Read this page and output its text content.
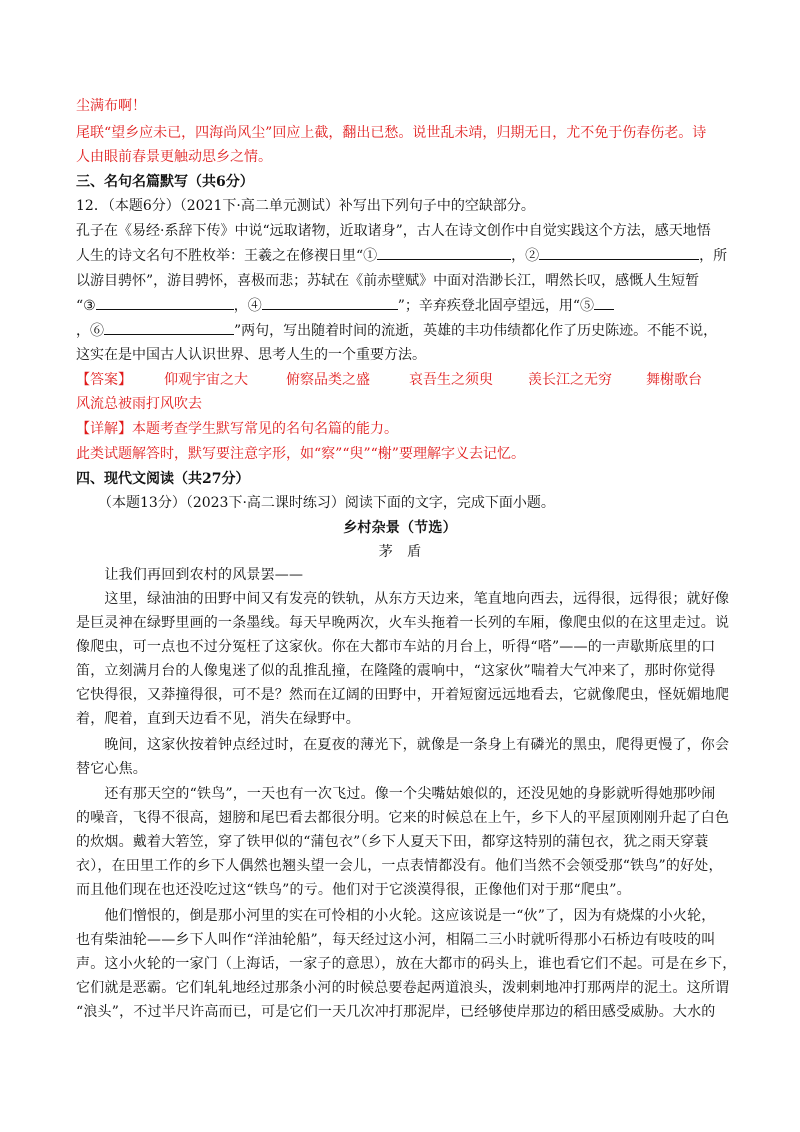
尘满布啊！
尾联“望乡应未已，四海尚风尘”回应上截，翻出已愁。说世乱未靖，归期无日，尤不免于伤春伤老。诗
人由眼前春景更触动思乡之情。
三、名句名篇默写（共6分）
12．（本题6分）（2021下·高二单元测试）补写出下列句子中的空缺部分。
孔子在《易经·系辞下传》中说“远取诸物，近取诸身”，古人在诗文创作中自觉实践这个方法，感天地悟
人生的诗文名句不胜枚举：王羲之在修禊日里“①	，②	，所
以游目骋怀”，游目骋怀，喜极而悲；苏轼在《前赤壁赋》中面对浩渺长江，喟然长叹，感慨人生短暂
“③	，④	”；辛弃疾登北固亭望远，用“⑤
，⑥	”两句，写出随着时间的流逝，英雄的丰功伟绩都化作了历史陈迹。不能不说，
这实在是中国古人认识世界、思考人生的一个重要方法。
【答案】 仰观宇宙之大	俯察品类之盛	哀吾生之须臾	羡长江之无穷 舞榭歌台
风流总被雨打风吹去
【详解】本题考查学生默写常见的名句名篇的能力。
此类试题解答时，默写要注意字形，如“察”“臾”“榭”要理解字义去记忆。
四、现代文阅读（共27分）
（本题13分）（2023下·高二课时练习）阅读下面的文字，完成下面小题。
乡村杂景（节选）
茅　盾
　　让我们再回到农村的风景罢——
　　这里，绿油油的田野中间又有发亮的铁轨，从东方天边来，笔直地向西去，远得很，远得很；就好像
是巨灵神在绿野里画的一条墨线。每天早晚两次，火车头拖着一长列的车厢，像爬虫似的在这里走过。说
像爬虫，可一点也不过分冤枉了这家伙。你在大都市车站的月台上，听得“嗒”——的一声歇斯底里的口
笛，立刻满月台的人像鬼迷了似的乱推乱撞，在隆隆的震响中，“这家伙”喘着大气冲来了，那时你觉得
它快得很，又莽撞得很，可不是？然而在辽阔的田野中，开着短窗远远地看去，它就像爬虫，怪妩媚地爬
着，爬着，直到天边看不见，消失在绿野中。
　　晚间，这家伙按着钟点经过时，在夏夜的薄光下，就像是一条身上有磷光的黑虫，爬得更慢了，你会
替它心焦。
　　还有那天空的“铁鸟”，一天也有一次飞过。像一个尖嘴姑娘似的，还没见她的身影就听得她那吵闹
的噪音，飞得不很高，翅膀和尾巴看去都很分明。它来的时候总在上午，乡下人的平屋顶刚刚升起了白色
的炊烟。戴着大箬笠，穿了铁甲似的“蒲包衣”（乡下人夏天下田，都穿这特别的蒲包衣，犹之雨天穿蓑
衣），在田里工作的乡下人偶然也翘头望一会儿，一点表情都没有。他们当然不会领受那“铁鸟”的好处，
而且他们现在也还没吃过这“铁鸟”的亏。他们对于它淡漠得很，正像他们对于那“爬虫”。
　　他们憎恨的，倒是那小河里的实在可怜相的小火轮。这应该说是一“伙”了，因为有烧煤的小火轮，
也有柴油轮——乡下人叫作“洋油轮船”，每天经过这小河，相隔二三小时就听得那小石桥边有吱吱的叫
声。这小火轮的一家门（上海话，一家子的意思），放在大都市的码头上，谁也看它们不起。可是在乡下，
它们就是恶霸。它们轧轧地经过那条小河的时候总要卷起两道浪头，泼剌剌地冲打那两岸的泥土。这所谓
“浪头”，不过半尺许高而已，可是它们一天几次冲打那泥岸，已经够使岸那边的稻田感受威胁。大水的
